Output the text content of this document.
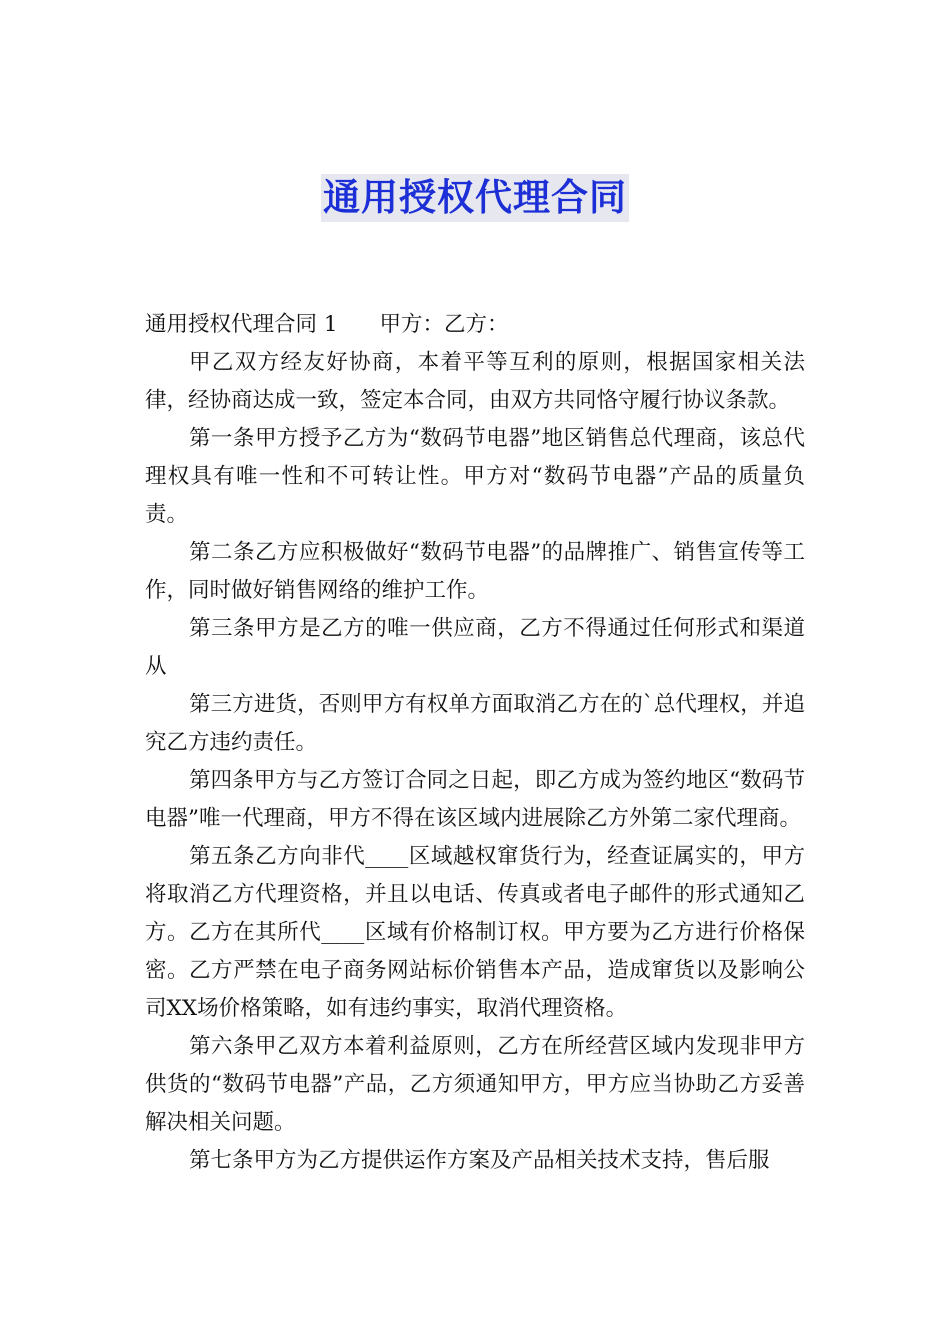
通用授权代理合同

通用授权代理合同 1 甲方：乙方：

甲乙双方经友好协商，本着平等互利的原则，根据国家相关法律，经协商达成一致，签定本合同，由双方共同恪守履行协议条款。

第一条甲方授予乙方为“数码节电器”地区销售总代理商，该总代理权具有唯一性和不可转让性。甲方对“数码节电器”产品的质量负责。

第二条乙方应积极做好“数码节电器”的品牌推广、销售宣传等工作，同时做好销售网络的维护工作。

第三条甲方是乙方的唯一供应商，乙方不得通过任何形式和渠道从

第三方进货，否则甲方有权单方面取消乙方在的`总代理权，并追究乙方违约责任。

第四条甲方与乙方签订合同之日起，即乙方成为签约地区“数码节电器”唯一代理商，甲方不得在该区域内进展除乙方外第二家代理商。

第五条乙方向非代____区域越权窜货行为，经查证属实的，甲方将取消乙方代理资格，并且以电话、传真或者电子邮件的形式通知乙方。乙方在其所代____区域有价格制订权。甲方要为乙方进行价格保密。乙方严禁在电子商务网站标价销售本产品，造成窜货以及影响公司XX场价格策略，如有违约事实，取消代理资格。

第六条甲乙双方本着利益原则，乙方在所经营区域内发现非甲方供货的“数码节电器”产品，乙方须通知甲方，甲方应当协助乙方妥善解决相关问题。

第七条甲方为乙方提供运作方案及产品相关技术支持，售后服
